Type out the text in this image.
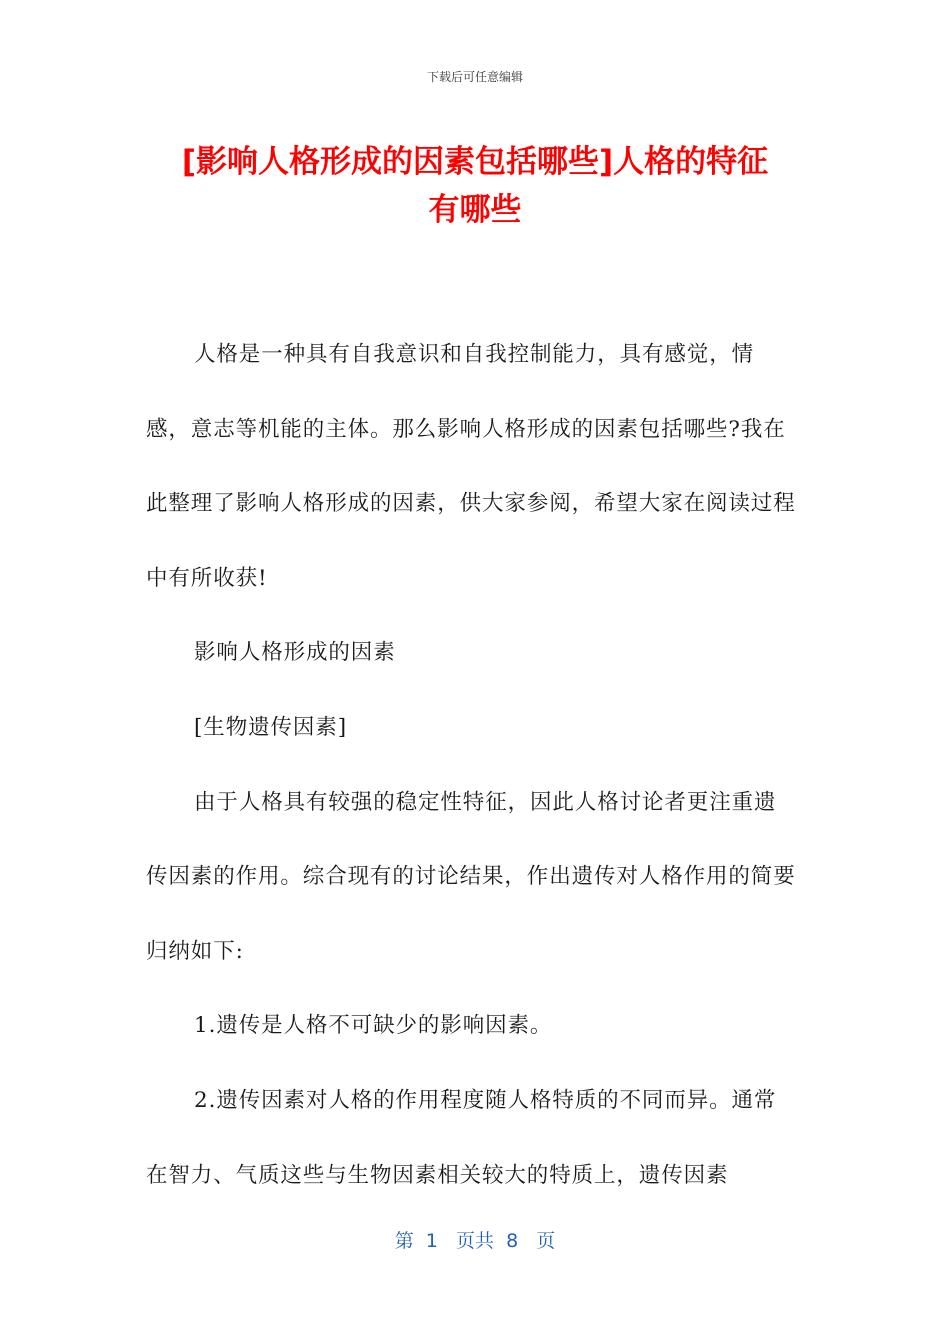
下载后可任意编辑
[影响人格形成的因素包括哪些]人格的特征
有哪些

人格是一种具有自我意识和自我控制能力，具有感觉，情感，意志等机能的主体。那么影响人格形成的因素包括哪些?我在此整理了影响人格形成的因素，供大家参阅，希望大家在阅读过程中有所收获!

影响人格形成的因素

[生物遗传因素]

由于人格具有较强的稳定性特征，因此人格讨论者更注重遗传因素的作用。综合现有的讨论结果，作出遗传对人格作用的简要归纳如下:

1.遗传是人格不可缺少的影响因素。

2.遗传因素对人格的作用程度随人格特质的不同而异。通常在智力、气质这些与生物因素相关较大的特质上，遗传因素

第  1   页共  8   页
